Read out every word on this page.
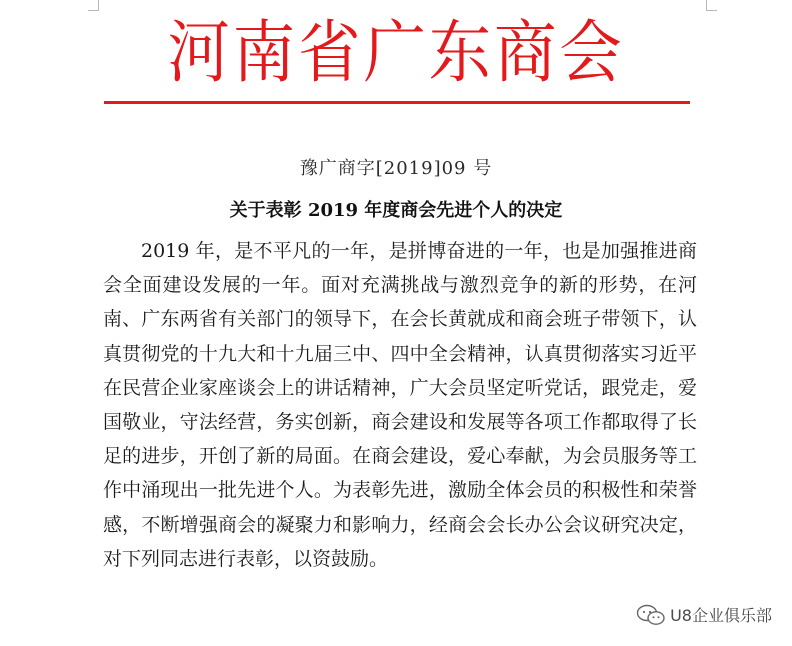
河南省广东商会
豫广商字[2019]09 号
关于表彰 2019 年度商会先进个人的决定

2019 年，是不平凡的一年，是拼博奋进的一年，也是加强推进商会全面建设发展的一年。面对充满挑战与激烈竞争的新的形势，在河南、广东两省有关部门的领导下，在会长黄就成和商会班子带领下，认真贯彻党的十九大和十九届三中、四中全会精神，认真贯彻落实习近平在民营企业家座谈会上的讲话精神，广大会员坚定听党话，跟党走，爱国敬业，守法经营，务实创新，商会建设和发展等各项工作都取得了长足的进步，开创了新的局面。在商会建设，爱心奉献，为会员服务等工作中涌现出一批先进个人。为表彰先进，激励全体会员的积极性和荣誉感，不断增强商会的凝聚力和影响力，经商会会长办公会议研究决定，对下列同志进行表彰，以资鼓励。

U8企业俱乐部
